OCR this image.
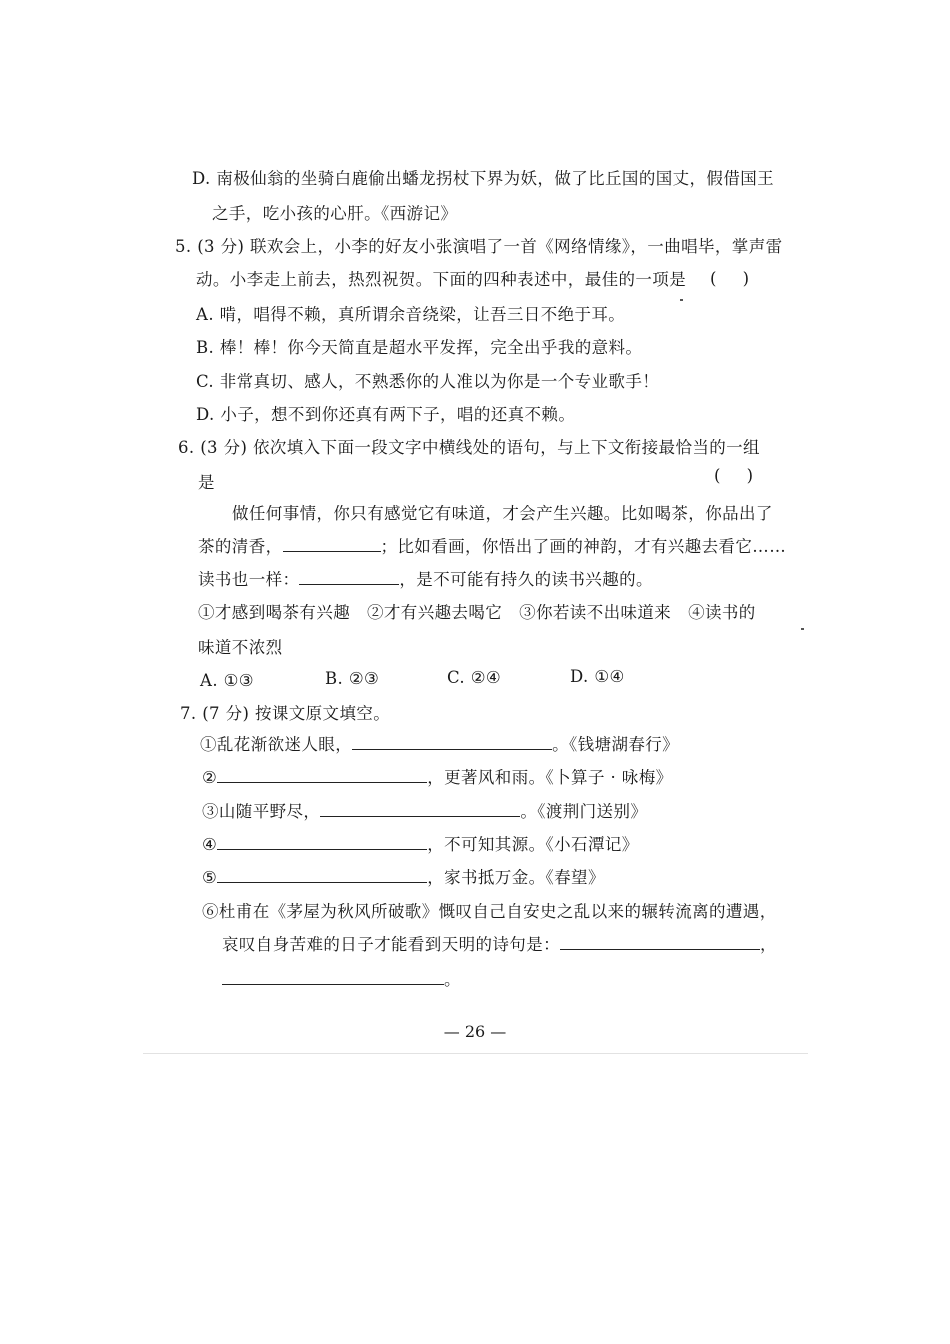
D. 南极仙翁的坐骑白鹿偷出蟠龙拐杖下界为妖，做了比丘国的国丈，假借国王
之手，吃小孩的心肝。《西游记》
5. (3 分) 联欢会上，小李的好友小张演唱了一首《网络情缘》，一曲唱毕，掌声雷
动。小李走上前去，热烈祝贺。下面的四种表述中，最佳的一项是 (     )
A. 啃，唱得不赖，真所谓余音绕梁，让吾三日不绝于耳。
B. 棒！棒！你今天简直是超水平发挥，完全出乎我的意料。
C. 非常真切、感人，不熟悉你的人准以为你是一个专业歌手！
D. 小子，想不到你还真有两下子，唱的还真不赖。
6. (3 分) 依次填入下面一段文字中横线处的语句，与上下文衔接最恰当的一组
是	(     )
做任何事情，你只有感觉它有味道，才会产生兴趣。比如喝茶，你品出了
茶的清香，	；比如看画，你悟出了画的神韵，才有兴趣去看它……
读书也一样：	，是不可能有持久的读书兴趣的。
①才感到喝茶有兴趣　②才有兴趣去喝它　③你若读不出味道来　④读书的
味道不浓烈
A. ①③	B. ②③	C. ②④	D. ①④
7. (7 分) 按课文原文填空。
①乱花渐欲迷人眼，	。《钱塘湖春行》
②	，更著风和雨。《卜算子 · 咏梅》
③山随平野尽，	。《渡荆门送别》
④	，不可知其源。《小石潭记》
⑤	，家书抵万金。《春望》
⑥杜甫在《茅屋为秋风所破歌》慨叹自己自安史之乱以来的辗转流离的遭遇，
哀叹自身苦难的日子才能看到天明的诗句是：	，
。
— 26 —
